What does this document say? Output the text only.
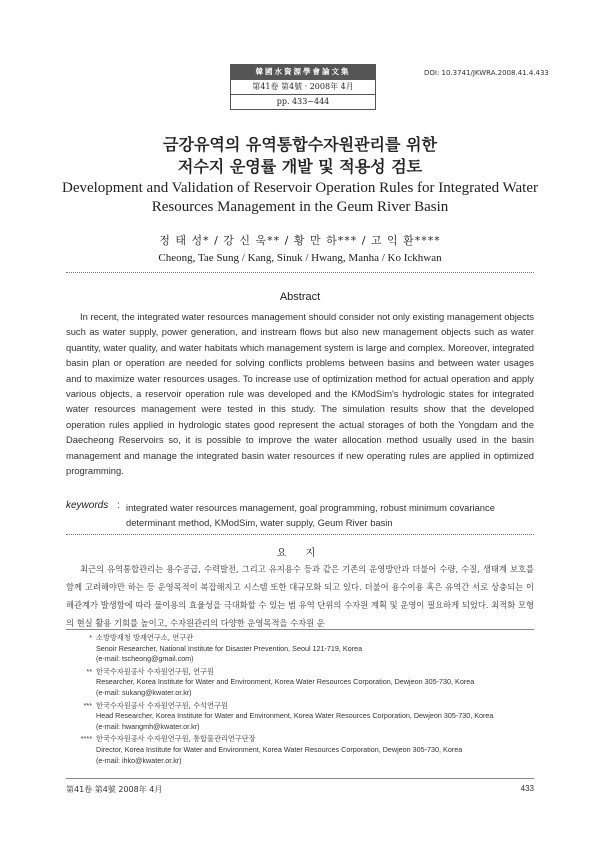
韓國水資源學會論文集
第41卷 第4號 · 2008年 4月
pp. 433~444
DOI: 10.3741/JKWRA.2008.41.4.433
금강유역의 유역통합수자원관리를 위한
저수지 운영률 개발 및 적용성 검토
Development and Validation of Reservoir Operation Rules for Integrated Water
Resources Management in the Geum River Basin
정 태 성* / 강 신 욱** / 황 만 하*** / 고 익 환****
Cheong, Tae Sung / Kang, Sinuk / Hwang, Manha / Ko Ickhwan
Abstract

In recent, the integrated water resources management should consider not only existing management objects such as water supply, power generation, and instream flows but also new management objects such as water quantity, water quality, and water habitats which management system is large and complex. Moreover, integrated basin plan or operation are needed for solving conflicts problems between basins and between water usages and to maximize water resources usages. To increase use of optimization method for actual operation and apply various objects, a reservoir operation rule was developed and the KModSim's hydrologic states for integrated water resources management were tested in this study. The simulation results show that the developed operation rules applied in hydrologic states good represent the actual storages of both the Yongdam and the Daecheong Reservoirs so, it is possible to improve the water allocation method usually used in the basin management and manage the integrated basin water resources if new operating rules are applied in optimized programming.

keywords : integrated water resources management, goal programming, robust minimum covariance determinant method, KModSim, water supply, Geum River basin
요 지

최근의 유역통합관리는 용수공급, 수력발전, 그리고 유지용수 등과 같은 기존의 운영방안과 더불어 수량, 수질, 생태계 보호를 함께 고려해야만 하는 등 운영목적이 복잡해지고 시스템 또한 대규모화 되고 있다. 더불어 용수이용 혹은 유역간 서로 상충되는 이해관계가 발생함에 따라 물이용의 효율성을 극대화할 수 있는 범 유역 단위의 수자원 계획 및 운영이 필요하게 되었다. 최적화 모형의 현실 활용 기회를 높이고, 수자원관리의 다양한 운영목적을 수자원 운

* 소방방재청 방재연구소, 연구관
Senoir Researcher, National Institute for Disaster Prevention, Seoul 121-719, Korea
(e-mail: tscheong@gmail.com)
** 한국수자원공사 수자원연구원, 연구원
Researcher, Korea Institute for Water and Environment, Korea Water Resources Corporation, Dewjeon 305-730, Korea
(e-mail: sukang@kwater.or.kr)
*** 한국수자원공사 수자원연구원, 수석연구원
Head Researcher, Korea Institute for Water and Environment, Korea Water Resources Corporation, Dewjeon 305-730, Korea
(e-mail: hwangmh@kwater.or.kr)
**** 한국수자원공사 수자원연구원, 통합물관리연구단장
Director, Korea Institute for Water and Environment, Korea Water Resources Corporation, Dewjeon 305-730, Korea
(e-mail: ihko@kwater.or.kr)
第41卷 第4號 2008年 4月	433
